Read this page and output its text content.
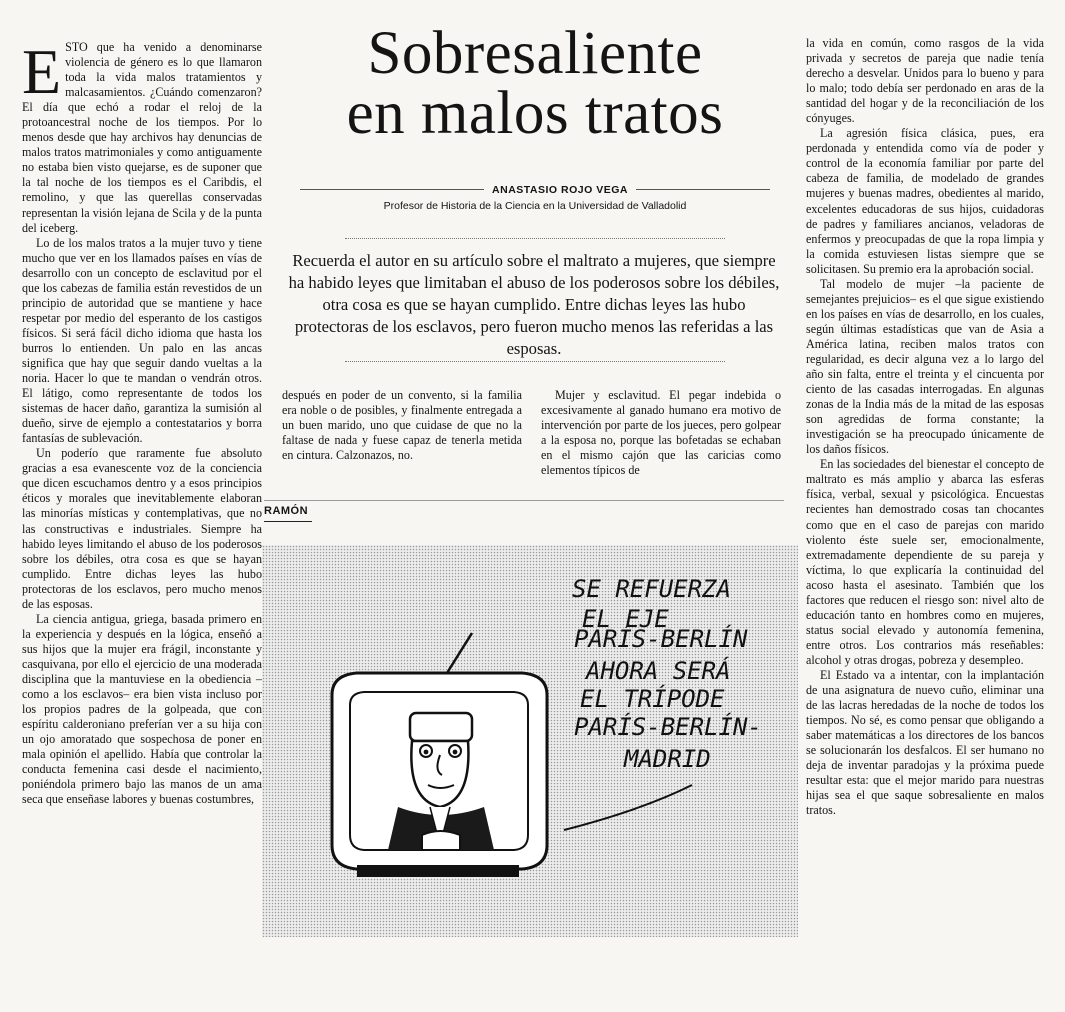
ESTO que ha venido a denominarse violencia de género es lo que llamaron toda la vida malos tratamientos y malcasamientos. ¿Cuándo comenzaron? El día que echó a rodar el reloj de la protoancestral noche de los tiempos. Por lo menos desde que hay archivos hay denuncias de malos tratos matrimoniales y como antiguamente no estaba bien visto quejarse, es de suponer que la tal noche de los tiempos es el Caribdis, el remolino, y que las querellas conservadas representan la visión lejana de Scila y de la punta del iceberg.

Lo de los malos tratos a la mujer tuvo y tiene mucho que ver en los llamados países en vías de desarrollo con un concepto de esclavitud por el que los cabezas de familia están revestidos de un principio de autoridad que se mantiene y hace respetar por medio del esperanto de los castigos físicos. Si será fácil dicho idioma que hasta los burros lo entienden. Un palo en las ancas significa que hay que seguir dando vueltas a la noria. Hacer lo que te mandan o vendrán otros. El látigo, como representante de todos los sistemas de hacer daño, garantiza la sumisión al dueño, sirve de ejemplo a contestatarios y borra fantasías de sublevación.

Un poderío que raramente fue absoluto gracias a esa evanescente voz de la conciencia que dicen escuchamos dentro y a esos principios éticos y morales que inevitablemente elaboran las minorías místicas y contemplativas, que no las constructivas e industriales. Siempre ha habido leyes limitando el abuso de los poderosos sobre los débiles, otra cosa es que se hayan cumplido. Entre dichas leyes las hubo protectoras de los esclavos, pero mucho menos de las esposas.

La ciencia antigua, griega, basada primero en la experiencia y después en la lógica, enseñó a sus hijos que la mujer era frágil, inconstante y casquivana, por ello el ejercicio de una moderada disciplina que la mantuviese en la obediencia –como a los esclavos– era bien vista incluso por los propios padres de la golpeada, que con espíritu calderoniano preferían ver a su hija con un ojo amoratado que sospechosa de poner en mala opinión el apellido. Había que controlar la conducta femenina casi desde el nacimiento, poniéndola primero bajo las manos de un ama seca que enseñase labores y buenas costumbres,

Sobresaliente
en malos tratos
ANASTASIO ROJO VEGA
Profesor de Historia de la Ciencia en la Universidad de Valladolid
Recuerda el autor en su artículo sobre el maltrato a mujeres, que siempre ha habido leyes que limitaban el abuso de los poderosos sobre los débiles, otra cosa es que se hayan cumplido. Entre dichas leyes las hubo protectoras de los esclavos, pero fueron mucho menos las referidas a las esposas.

después en poder de un convento, si la familia era noble o de posibles, y finalmente entregada a un buen marido, uno que cuidase de que no la faltase de nada y fuese capaz de tenerla metida en cintura. Calzonazos, no.

Mujer y esclavitud. El pegar indebida o excesivamente al ganado humano era motivo de intervención por parte de los jueces, pero golpear a la esposa no, porque las bofetadas se echaban en el mismo cajón que las caricias como elementos típicos de

RAMÓN
SE REFUERZA
EL EJE
PARÍS-BERLÍN
AHORA SERÁ
EL TRÍPODE
PARÍS-BERLÍN-
MADRID

la vida en común, como rasgos de la vida privada y secretos de pareja que nadie tenía derecho a desvelar. Unidos para lo bueno y para lo malo; todo debía ser perdonado en aras de la santidad del hogar y de la reconciliación de los cónyuges.

La agresión física clásica, pues, era perdonada y entendida como vía de poder y control de la economía familiar por parte del cabeza de familia, de modelado de grandes mujeres y buenas madres, obedientes al marido, excelentes educadoras de sus hijos, cuidadoras de padres y familiares ancianos, veladoras de enfermos y preocupadas de que la ropa limpia y la comida estuviesen listas siempre que se solicitasen. Su premio era la aprobación social.

Tal modelo de mujer –la paciente de semejantes prejuicios– es el que sigue existiendo en los países en vías de desarrollo, en los cuales, según últimas estadísticas que van de Asia a América latina, reciben malos tratos con regularidad, es decir alguna vez a lo largo del año sin falta, entre el treinta y el cincuenta por ciento de las casadas interrogadas. En algunas zonas de la India más de la mitad de las esposas son agredidas de forma constante; la investigación se ha preocupado únicamente de los daños físicos.

En las sociedades del bienestar el concepto de maltrato es más amplio y abarca las esferas física, verbal, sexual y psicológica. Encuestas recientes han demostrado cosas tan chocantes como que en el caso de parejas con marido violento éste suele ser, emocionalmente, extremadamente dependiente de su pareja y víctima, lo que explicaría la continuidad del acoso hasta el asesinato. También que los factores que reducen el riesgo son: nivel alto de educación tanto en hombres como en mujeres, status social elevado y autonomía femenina, entre otros. Los contrarios más reseñables: alcohol y otras drogas, pobreza y desempleo.

El Estado va a intentar, con la implantación de una asignatura de nuevo cuño, eliminar una de las lacras heredadas de la noche de todos los tiempos. No sé, es como pensar que obligando a saber matemáticas a los directores de los bancos se solucionarán los desfalcos. El ser humano no deja de inventar paradojas y la próxima puede resultar esta: que el mejor marido para nuestras hijas sea el que saque sobresaliente en malos tratos.
